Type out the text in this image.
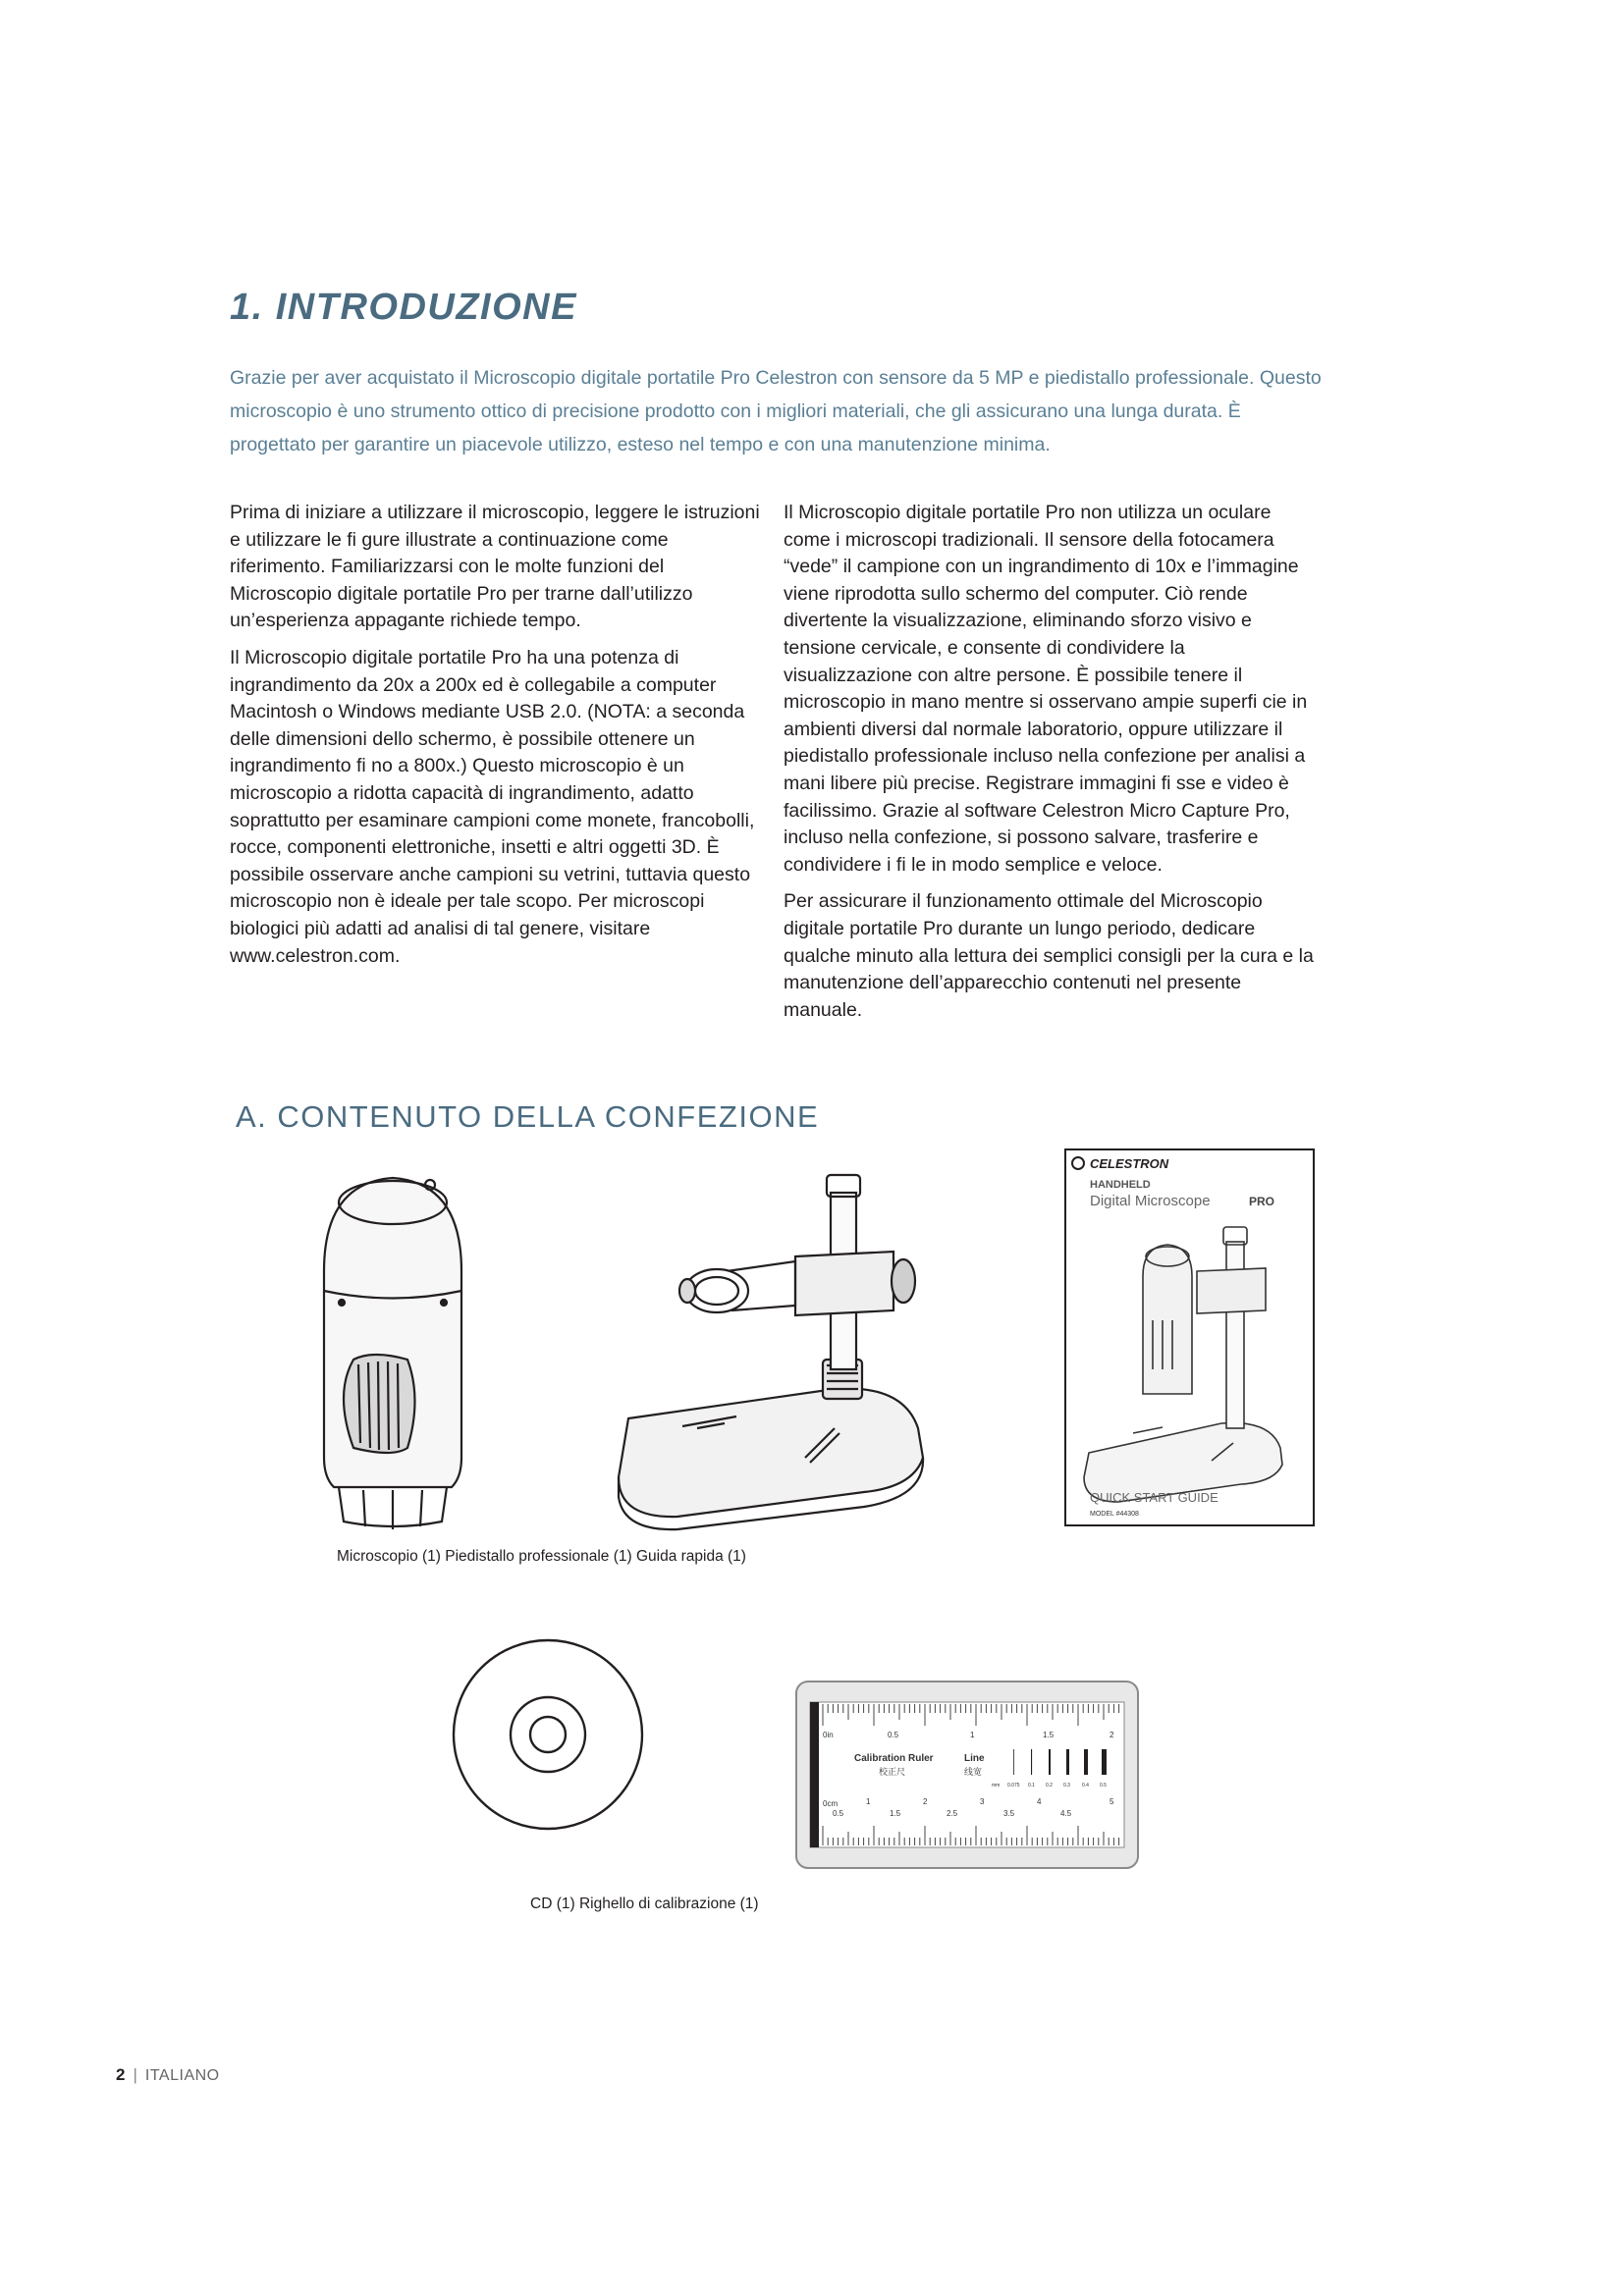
1. INTRODUZIONE

Grazie per aver acquistato il Microscopio digitale portatile Pro Celestron con sensore da 5 MP e piedistallo professionale. Questo microscopio è uno strumento ottico di precisione prodotto con i migliori materiali, che gli assicurano una lunga durata. È progettato per garantire un piacevole utilizzo, esteso nel tempo e con una manutenzione minima.

Prima di iniziare a utilizzare il microscopio, leggere le istruzioni e utilizzare le fi gure illustrate a continuazione come riferimento. Familiarizzarsi con le molte funzioni del Microscopio digitale portatile Pro per trarne dall’utilizzo un’esperienza appagante richiede tempo.

Il Microscopio digitale portatile Pro ha una potenza di ingrandimento da 20x a 200x ed è collegabile a computer Macintosh o Windows mediante USB 2.0. (NOTA: a seconda delle dimensioni dello schermo, è possibile ottenere un ingrandimento fi no a 800x.) Questo microscopio è un microscopio a ridotta capacità di ingrandimento, adatto soprattutto per esaminare campioni come monete, francobolli, rocce, componenti elettroniche, insetti e altri oggetti 3D. È possibile osservare anche campioni su vetrini, tuttavia questo microscopio non è ideale per tale scopo. Per microscopi biologici più adatti ad analisi di tal genere, visitare www.celestron.com.

Il Microscopio digitale portatile Pro non utilizza un oculare come i microscopi tradizionali. Il sensore della fotocamera “vede” il campione con un ingrandimento di 10x e l’immagine viene riprodotta sullo schermo del computer. Ciò rende divertente la visualizzazione, eliminando sforzo visivo e tensione cervicale, e consente di condividere la visualizzazione con altre persone. È possibile tenere il microscopio in mano mentre si osservano ampie superfi cie in ambienti diversi dal normale laboratorio, oppure utilizzare il piedistallo professionale incluso nella confezione per analisi a mani libere più precise. Registrare immagini fi sse e video è facilissimo. Grazie al software Celestron Micro Capture Pro, incluso nella confezione, si possono salvare, trasferire e condividere i fi le in modo semplice e veloce.

Per assicurare il funzionamento ottimale del Microscopio digitale portatile Pro durante un lungo periodo, dedicare qualche minuto alla lettura dei semplici consigli per la cura e la manutenzione dell’apparecchio contenuti nel presente manuale.

A. CONTENUTO DELLA CONFEZIONE
CELESTRON
HANDHELD
Digital Microscope	PRO
QUICK START GUIDE
MODEL #44308
Microscopio (1) Piedistallo professionale (1) Guida rapida (1)
0in	0.5	1	1.5	2
Calibration Ruler
校正尺
Line
线宽
mm 0.075 0.1 0.2 0.3 0.4 0.5
0cm
0.5
1
1.5
2
2.5
3
3.5
4
4.5
5
CD (1) Righello di calibrazione (1)
2 | ITALIANO
